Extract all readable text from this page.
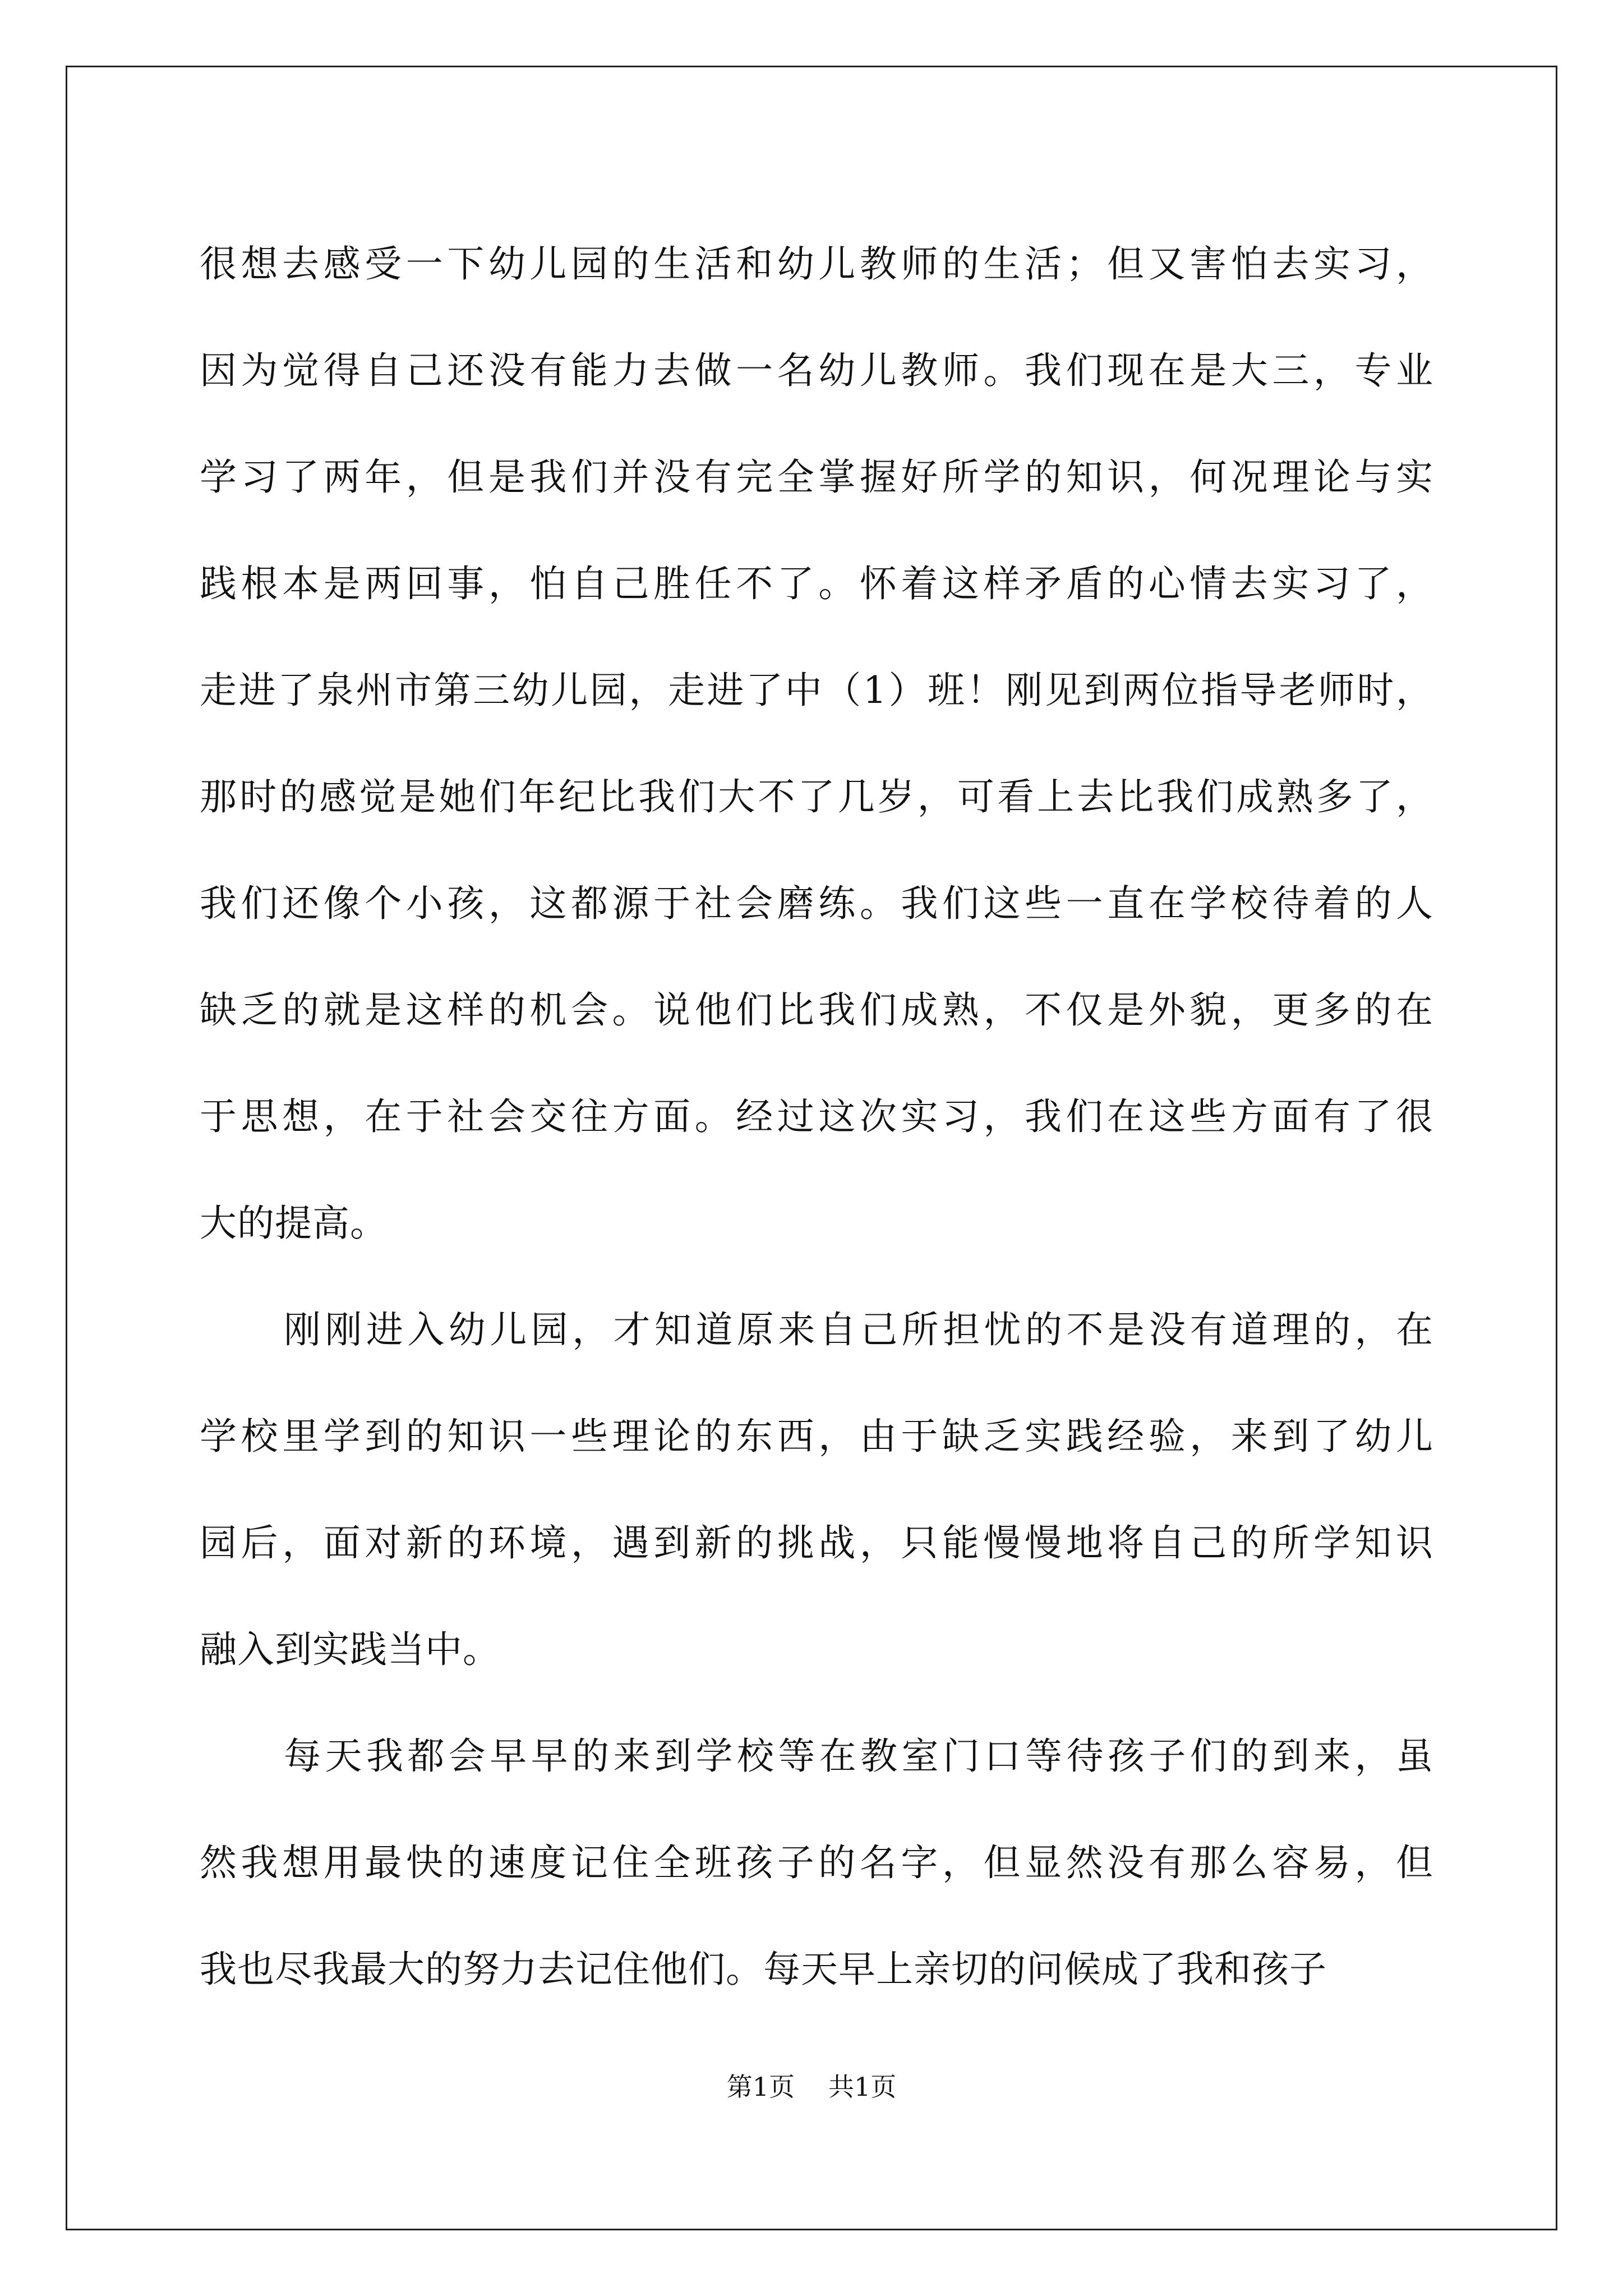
很想去感受一下幼儿园的生活和幼儿教师的生活；但又害怕去实习，
因为觉得自己还没有能力去做一名幼儿教师。我们现在是大三，专业
学习了两年，但是我们并没有完全掌握好所学的知识，何况理论与实
践根本是两回事，怕自己胜任不了。怀着这样矛盾的心情去实习了，
走进了泉州市第三幼儿园，走进了中（1）班！刚见到两位指导老师时，
那时的感觉是她们年纪比我们大不了几岁，可看上去比我们成熟多了，
我们还像个小孩，这都源于社会磨练。我们这些一直在学校待着的人
缺乏的就是这样的机会。说他们比我们成熟，不仅是外貌，更多的在
于思想，在于社会交往方面。经过这次实习，我们在这些方面有了很
大的提高。
刚刚进入幼儿园，才知道原来自己所担忧的不是没有道理的，在
学校里学到的知识一些理论的东西，由于缺乏实践经验，来到了幼儿
园后，面对新的环境，遇到新的挑战，只能慢慢地将自己的所学知识
融入到实践当中。
每天我都会早早的来到学校等在教室门口等待孩子们的到来，虽
然我想用最快的速度记住全班孩子的名字，但显然没有那么容易，但
我也尽我最大的努力去记住他们。每天早上亲切的问候成了我和孩子
第1页 共1页
